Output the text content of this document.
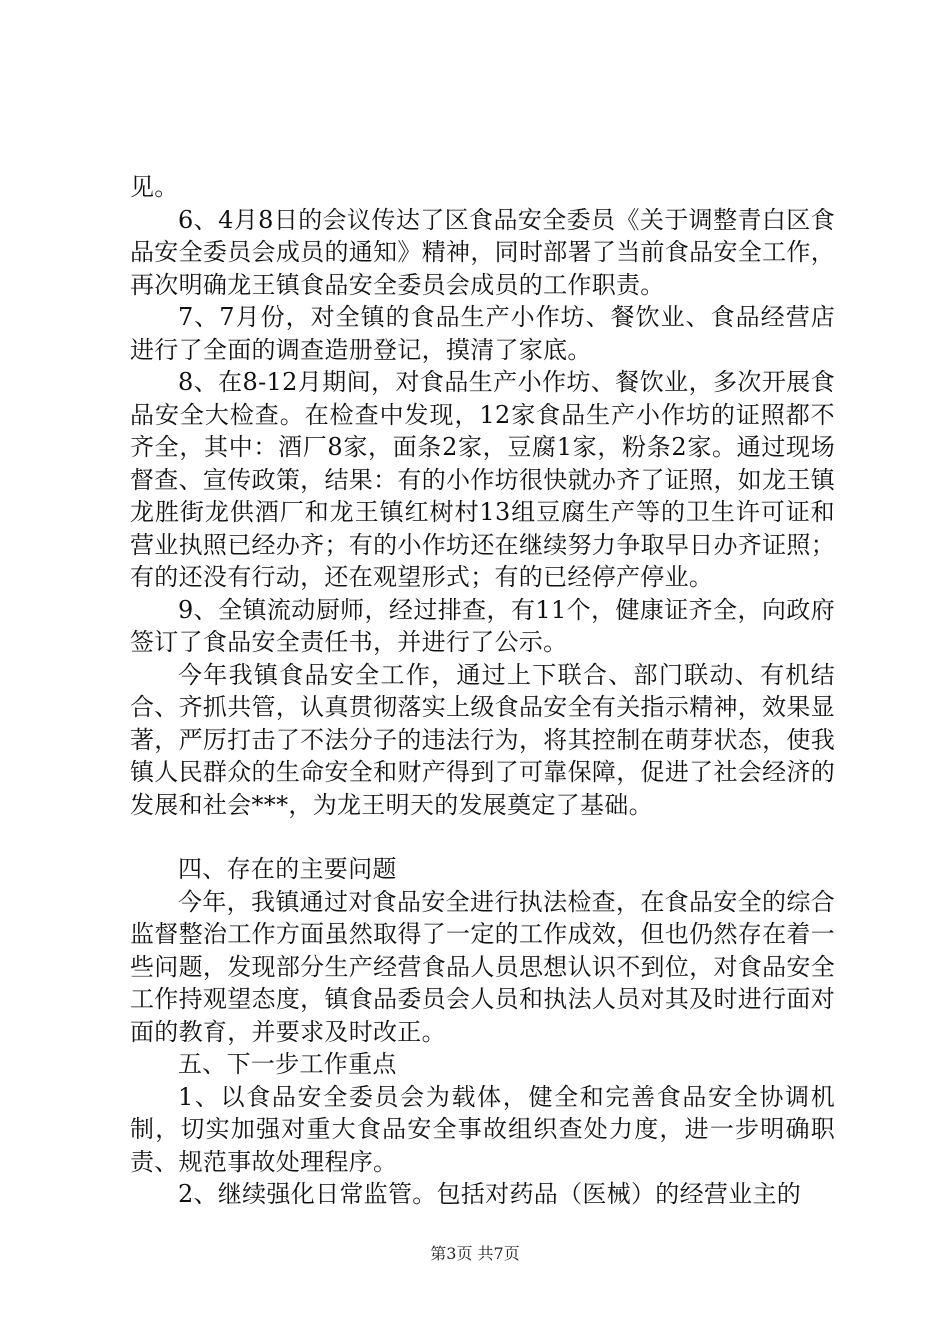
见。

6、4月8日的会议传达了区食品安全委员《关于调整青白区食品安全委员会成员的通知》精神，同时部署了当前食品安全工作，再次明确龙王镇食品安全委员会成员的工作职责。

7、7月份，对全镇的食品生产小作坊、餐饮业、食品经营店进行了全面的调查造册登记，摸清了家底。

8、在8-12月期间，对食品生产小作坊、餐饮业，多次开展食品安全大检查。在检查中发现，12家食品生产小作坊的证照都不齐全，其中：酒厂8家，面条2家，豆腐1家，粉条2家。通过现场督查、宣传政策，结果：有的小作坊很快就办齐了证照，如龙王镇龙胜街龙供酒厂和龙王镇红树村13组豆腐生产等的卫生许可证和营业执照已经办齐；有的小作坊还在继续努力争取早日办齐证照；有的还没有行动，还在观望形式；有的已经停产停业。

9、全镇流动厨师，经过排查，有11个，健康证齐全，向政府签订了食品安全责任书，并进行了公示。

今年我镇食品安全工作，通过上下联合、部门联动、有机结合、齐抓共管，认真贯彻落实上级食品安全有关指示精神，效果显著，严厉打击了不法分子的违法行为，将其控制在萌芽状态，使我镇人民群众的生命安全和财产得到了可靠保障，促进了社会经济的发展和社会***，为龙王明天的发展奠定了基础。

四、存在的主要问题

今年，我镇通过对食品安全进行执法检查，在食品安全的综合监督整治工作方面虽然取得了一定的工作成效，但也仍然存在着一些问题，发现部分生产经营食品人员思想认识不到位，对食品安全工作持观望态度，镇食品委员会人员和执法人员对其及时进行面对面的教育，并要求及时改正。

五、下一步工作重点

1、以食品安全委员会为载体，健全和完善食品安全协调机制，切实加强对重大食品安全事故组织查处力度，进一步明确职责、规范事故处理程序。

2、继续强化日常监管。包括对药品（医械）的经营业主的

第3页 共7页
